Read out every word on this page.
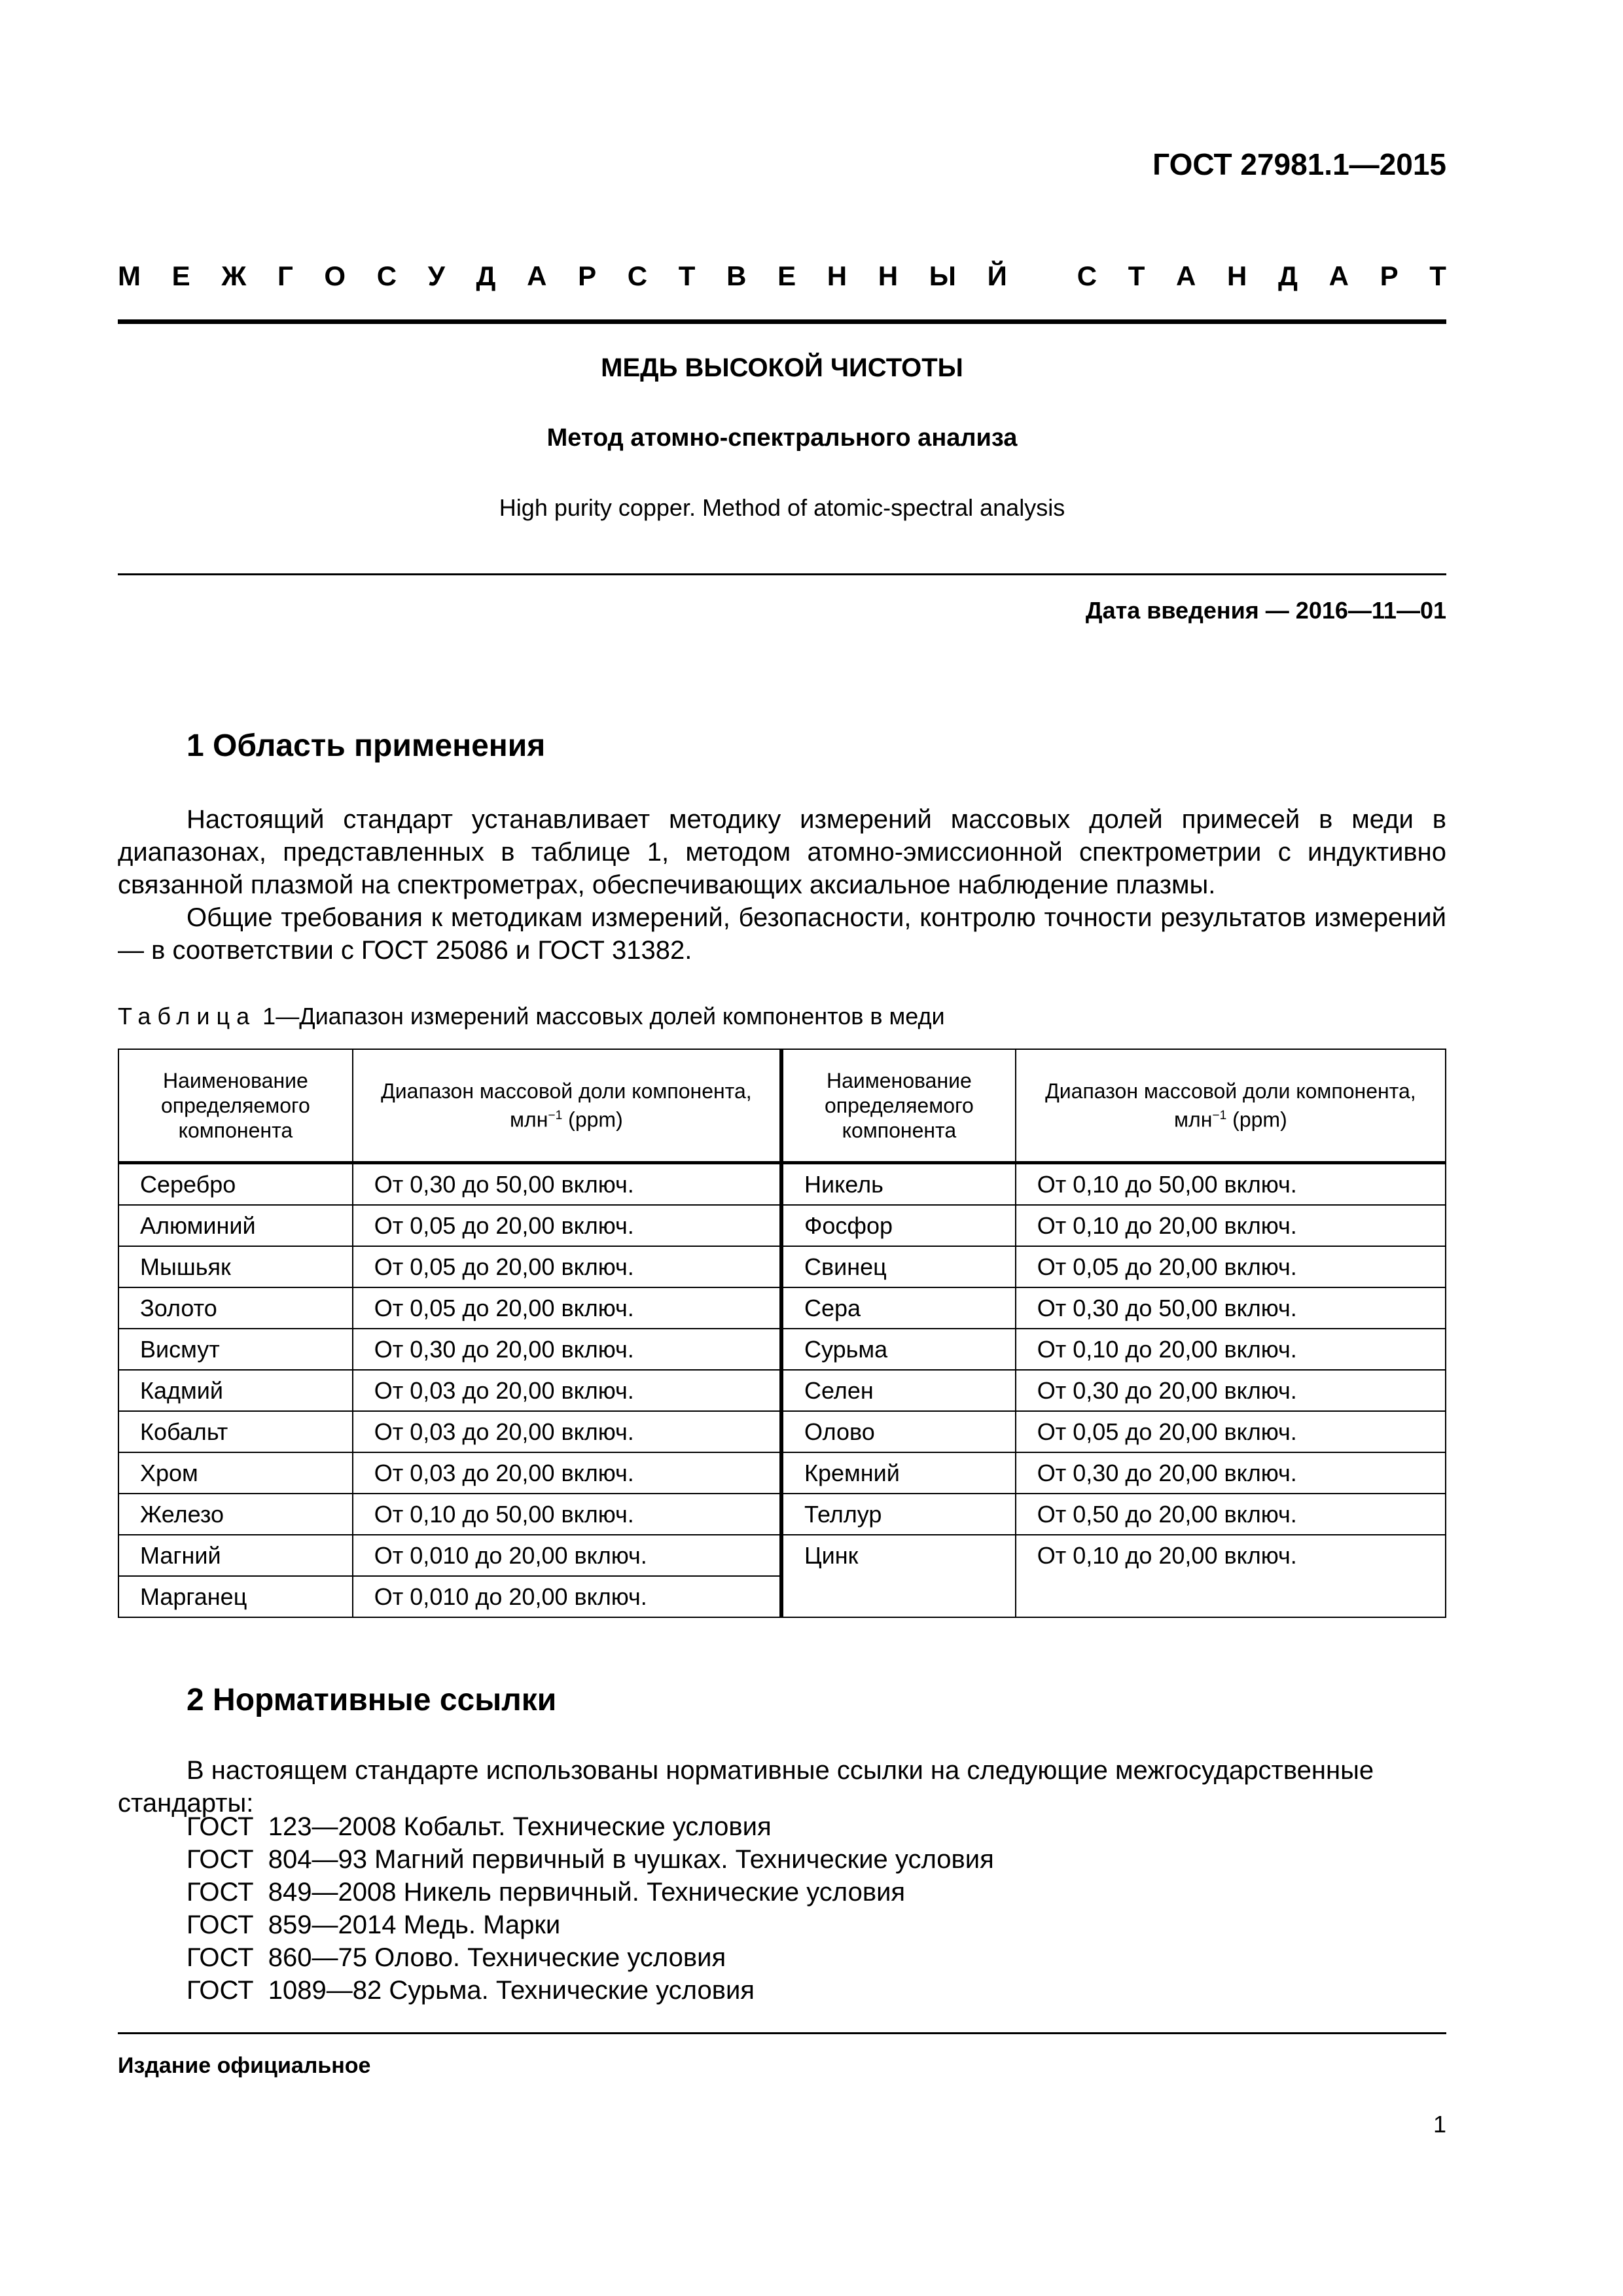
ГОСТ 27981.1—2015
М Е Ж Г О С У Д А Р С Т В Е Н Н Ы Й
	С Т А Н Д А Р Т
МЕДЬ ВЫСОКОЙ ЧИСТОТЫ
Метод атомно-спектрального анализа
High purity copper. Method of atomic-spectral analysis
Дата введения — 2016—11—01
1 Область применения
Настоящий стандарт устанавливает методику измерений массовых долей примесей в меди в диапазонах, представленных в таблице 1, методом атомно-эмиссионной спектрометрии с индуктивно связанной плазмой на спектрометрах, обеспечивающих аксиальное наблюдение плазмы.
Общие требования к методикам измерений, безопасности, контролю точности результатов измерений — в соответствии с ГОСТ 25086 и ГОСТ 31382.
Таблица 1—Диапазон измерений массовых долей компонентов в меди
Наименование определяемого компонента	Диапазон массовой доли компонента, млн$^{-1}$ (ppm)	Наименование определяемого компонента	Диапазон массовой доли компонента, млн$^{-1}$ (ppm)
Серебро	От 0,30 до 50,00 включ.	Никель	От 0,10 до 50,00 включ.
Алюминий	От 0,05 до 20,00 включ.	Фосфор	От 0,10 до 20,00 включ.
Мышьяк	От 0,05 до 20,00 включ.	Свинец	От 0,05 до 20,00 включ.
Золото	От 0,05 до 20,00 включ.	Сера	От 0,30 до 50,00 включ.
Висмут	От 0,30 до 20,00 включ.	Сурьма	От 0,10 до 20,00 включ.
Кадмий	От 0,03 до 20,00 включ.	Селен	От 0,30 до 20,00 включ.
Кобальт	От 0,03 до 20,00 включ.	Олово	От 0,05 до 20,00 включ.
Хром	От 0,03 до 20,00 включ.	Кремний	От 0,30 до 20,00 включ.
Железо	От 0,10 до 50,00 включ.	Теллур	От 0,50 до 20,00 включ.
Магний	От 0,010 до 20,00 включ.	Цинк	От 0,10 до 20,00 включ.
Марганец	От 0,010 до 20,00 включ.		
2 Нормативные ссылки
В настоящем стандарте использованы нормативные ссылки на следующие межгосударственные стандарты:
ГОСТ  123—2008 Кобальт. Технические условия
ГОСТ  804—93 Магний первичный в чушках. Технические условия
ГОСТ  849—2008 Никель первичный. Технические условия
ГОСТ  859—2014 Медь. Марки
ГОСТ  860—75 Олово. Технические условия
ГОСТ  1089—82 Сурьма. Технические условия
Издание официальное
1
